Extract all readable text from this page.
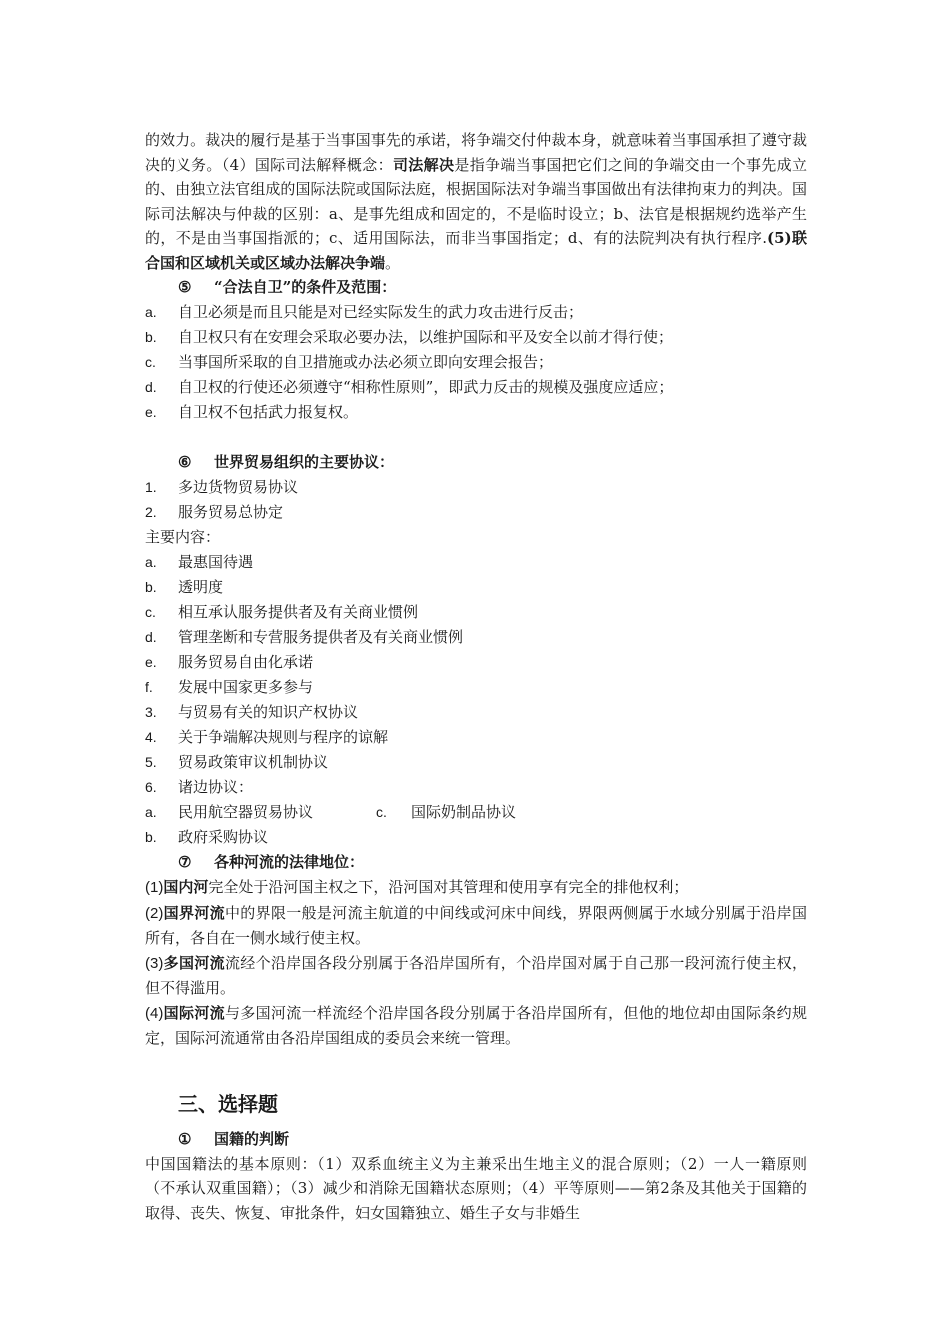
的效力。裁决的履行是基于当事国事先的承诺，将争端交付仲裁本身，就意味着当事国承担了遵守裁决的义务。（4）国际司法解释概念：司法解决是指争端当事国把它们之间的争端交由一个事先成立的、由独立法官组成的国际法院或国际法庭，根据国际法对争端当事国做出有法律拘束力的判决。国际司法解决与仲裁的区别：a、是事先组成和固定的，不是临时设立；b、法官是根据规约选举产生的，不是由当事国指派的；c、适用国际法，而非当事国指定；d、有的法院判决有执行程序.(5)联合国和区域机关或区域办法解决争端。

⑤ “合法自卫”的条件及范围：

a.	自卫必须是而且只能是对已经实际发生的武力攻击进行反击；

b.	自卫权只有在安理会采取必要办法，以维护国际和平及安全以前才得行使；

c.	当事国所采取的自卫措施或办法必须立即向安理会报告；

d.	自卫权的行使还必须遵守“相称性原则”，即武力反击的规模及强度应适应；

e.	自卫权不包括武力报复权。

⑥ 世界贸易组织的主要协议：

1.	多边货物贸易协议

2.	服务贸易总协定

主要内容：

a.	最惠国待遇

b.	透明度

c.	相互承认服务提供者及有关商业惯例

d.	管理垄断和专营服务提供者及有关商业惯例

e.	服务贸易自由化承诺

f.	发展中国家更多参与

3.	与贸易有关的知识产权协议

4.	关于争端解决规则与程序的谅解

5.	贸易政策审议机制协议

6.	诸边协议：

a.	民用航空器贸易协议	c.	国际奶制品协议

b.	政府采购协议

⑦ 各种河流的法律地位：

(1)国内河完全处于沿河国主权之下，沿河国对其管理和使用享有完全的排他权利；

(2)国界河流中的界限一般是河流主航道的中间线或河床中间线，界限两侧属于水域分别属于沿岸国所有，各自在一侧水域行使主权。

(3)多国河流流经个沿岸国各段分别属于各沿岸国所有，个沿岸国对属于自己那一段河流行使主权，但不得滥用。

(4)国际河流与多国河流一样流经个沿岸国各段分别属于各沿岸国所有，但他的地位却由国际条约规定，国际河流通常由各沿岸国组成的委员会来统一管理。

三、选择题

① 国籍的判断

中国国籍法的基本原则：（1）双系血统主义为主兼采出生地主义的混合原则；（2）一人一籍原则（不承认双重国籍）；（3）减少和消除无国籍状态原则；（4）平等原则——第2条及其他关于国籍的取得、丧失、恢复、审批条件，妇女国籍独立、婚生子女与非婚生
